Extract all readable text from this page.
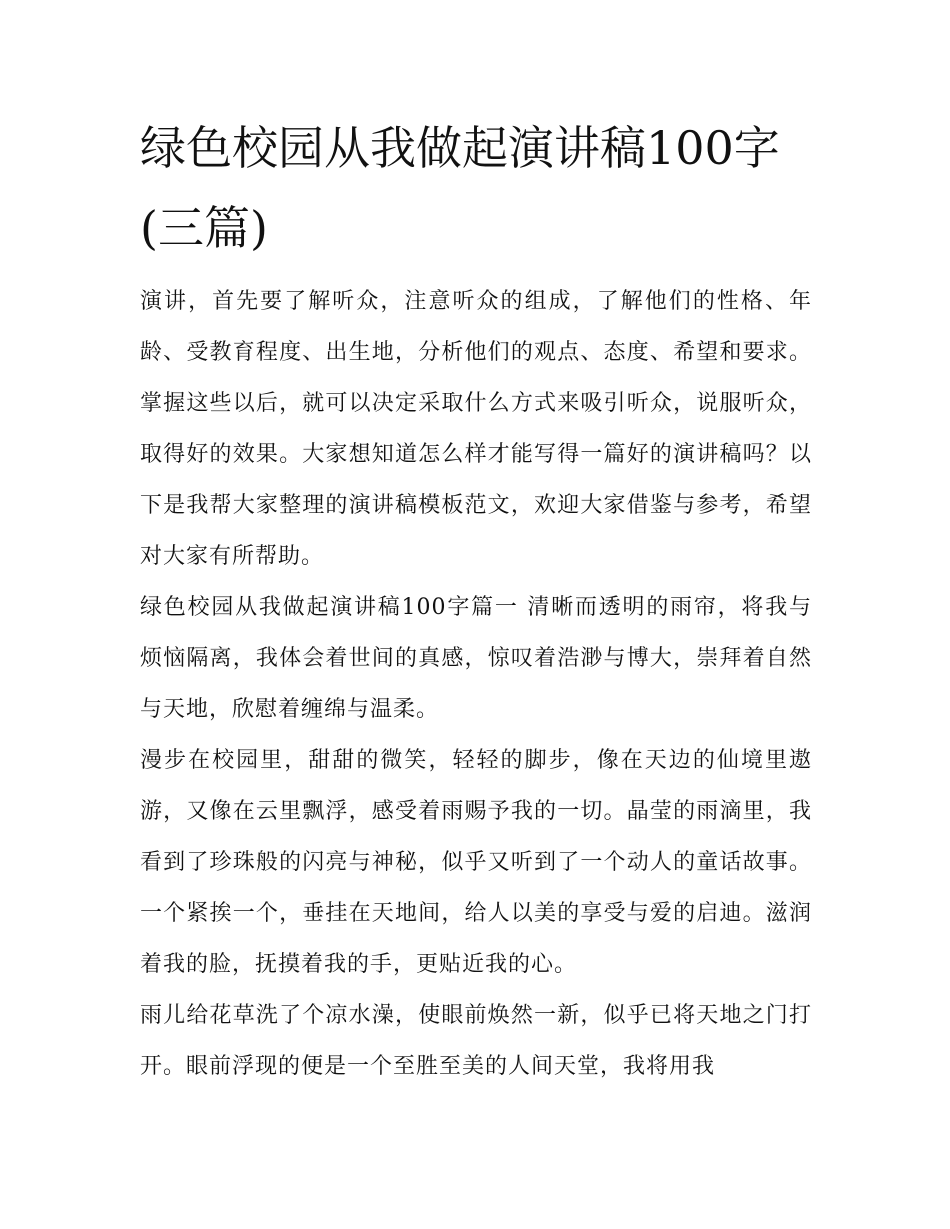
绿色校园从我做起演讲稿100字(三篇)

演讲，首先要了解听众，注意听众的组成，了解他们的性格、年龄、受教育程度、出生地，分析他们的观点、态度、希望和要求。掌握这些以后，就可以决定采取什么方式来吸引听众，说服听众，取得好的效果。大家想知道怎么样才能写得一篇好的演讲稿吗？以下是我帮大家整理的演讲稿模板范文，欢迎大家借鉴与参考，希望对大家有所帮助。

绿色校园从我做起演讲稿100字篇一 清晰而透明的雨帘，将我与烦恼隔离，我体会着世间的真感，惊叹着浩渺与博大，崇拜着自然与天地，欣慰着缠绵与温柔。

漫步在校园里，甜甜的微笑，轻轻的脚步，像在天边的仙境里遨游，又像在云里飘浮，感受着雨赐予我的一切。晶莹的雨滴里，我看到了珍珠般的闪亮与神秘，似乎又听到了一个动人的童话故事。一个紧挨一个，垂挂在天地间，给人以美的享受与爱的启迪。滋润着我的脸，抚摸着我的手，更贴近我的心。

雨儿给花草洗了个凉水澡，使眼前焕然一新，似乎已将天地之门打开。眼前浮现的便是一个至胜至美的人间天堂，我将用我
